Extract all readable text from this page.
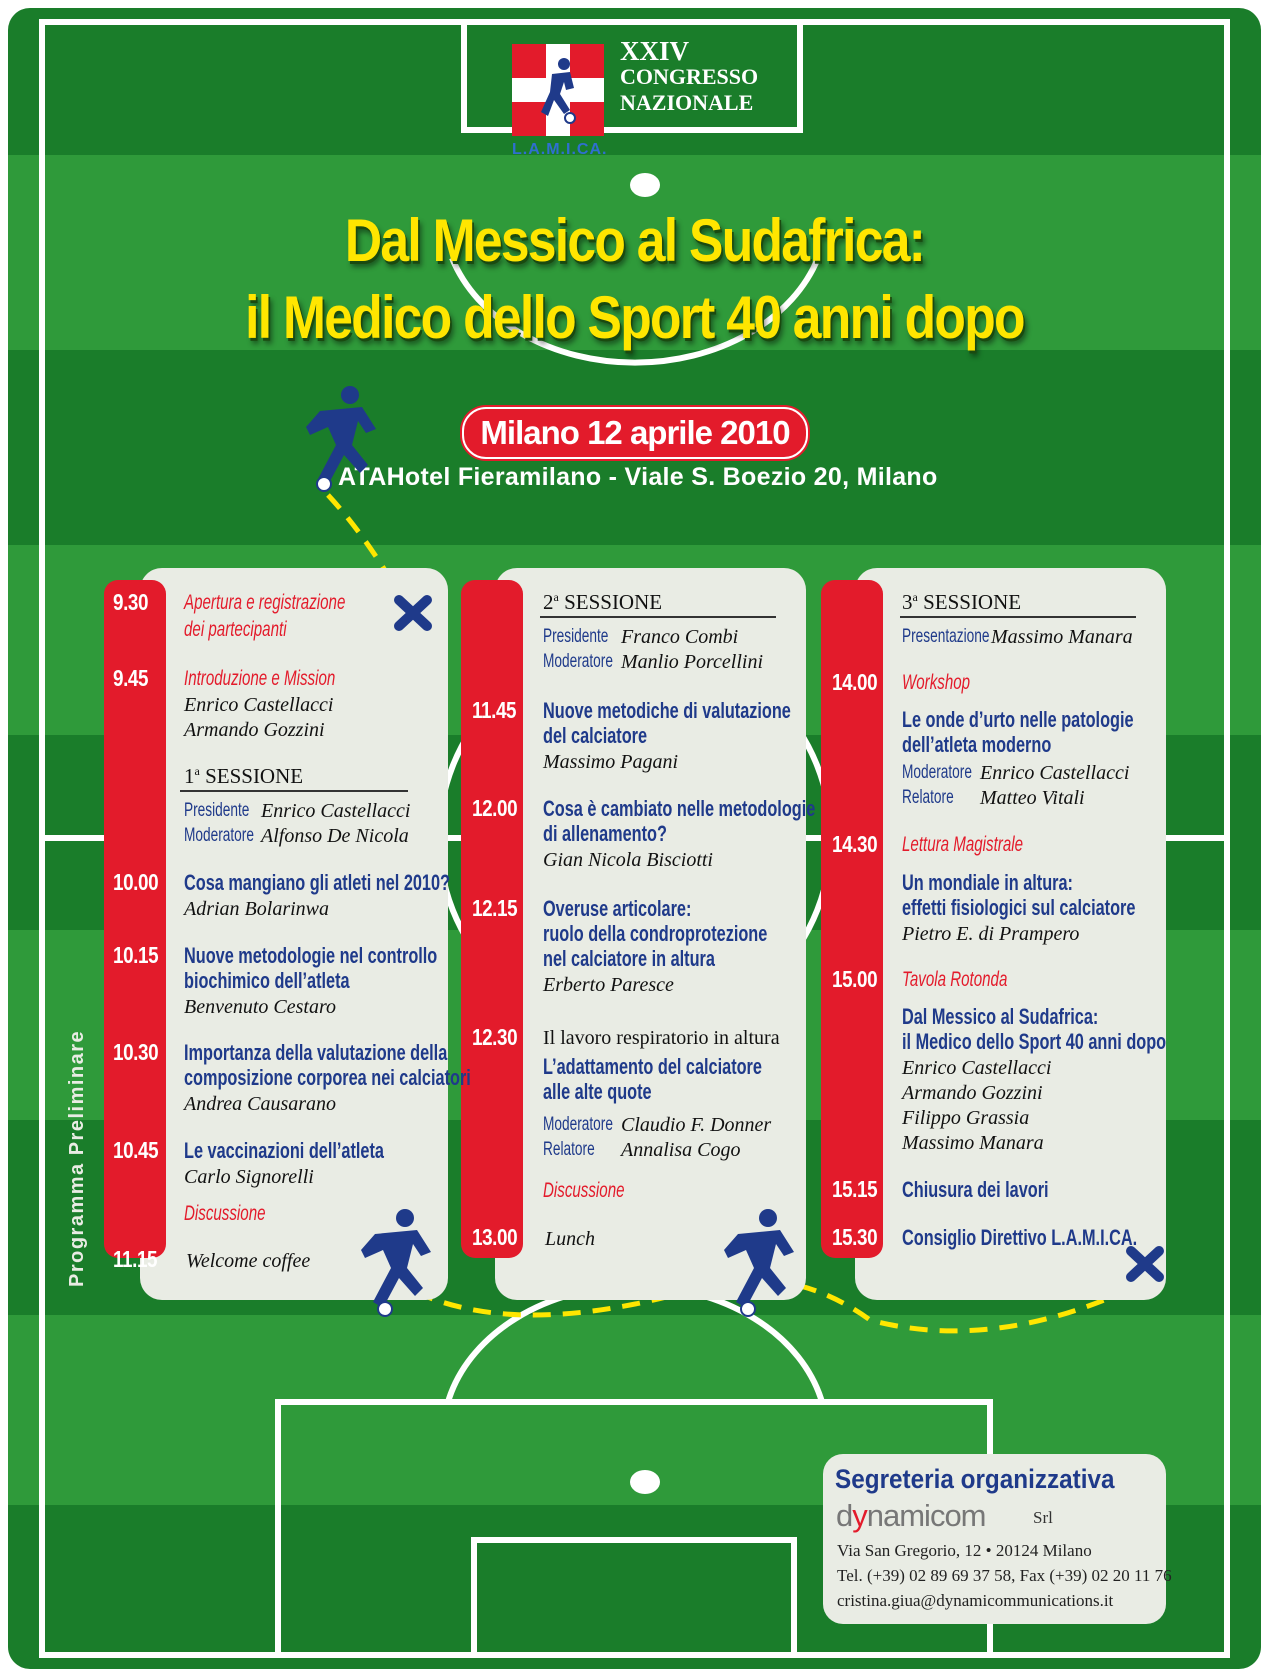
XXIV
CONGRESSO
NAZIONALE
L.A.M.I.CA.
Dal Messico al Sudafrica:
il Medico dello Sport 40 anni dopo
Milano 12 aprile 2010
ATAHotel Fieramilano - Viale S. Boezio 20, Milano
Programma Preliminare
9.30 Apertura e registrazione
dei partecipanti
9.45 Introduzione e Mission
Enrico Castellacci
Armando Gozzini
1$^a$ SESSIONE
Presidente Enrico Castellacci
Moderatore Alfonso De Nicola
10.00 Cosa mangiano gli atleti nel 2010?
Adrian Bolarinwa
10.15 Nuove metodologie nel controllo
biochimico dell’atleta
Benvenuto Cestaro
10.30 Importanza della valutazione della
composizione corporea nei calciatori
Andrea Causarano
10.45 Le vaccinazioni dell’atleta
Carlo Signorelli
Discussione
11.15 Welcome coffee
2$^a$ SESSIONE
Presidente Franco Combi
Moderatore Manlio Porcellini
11.45 Nuove metodiche di valutazione
del calciatore
Massimo Pagani
12.00 Cosa è cambiato nelle metodologie
di allenamento?
Gian Nicola Bisciotti
12.15 Overuse articolare:
ruolo della condroprotezione
nel calciatore in altura
Erberto Paresce
12.30 Il lavoro respiratorio in altura
L’adattamento del calciatore
alle alte quote
Moderatore Claudio F. Donner
Relatore Annalisa Cogo
Discussione
13.00 Lunch
3$^a$ SESSIONE
Presentazione Massimo Manara
14.00 Workshop
Le onde d’urto nelle patologie
dell’atleta moderno
Moderatore Enrico Castellacci
Relatore Matteo Vitali
14.30 Lettura Magistrale
Un mondiale in altura:
effetti fisiologici sul calciatore
Pietro E. di Prampero
15.00 Tavola Rotonda
Dal Messico al Sudafrica:
il Medico dello Sport 40 anni dopo
Enrico Castellacci
Armando Gozzini
Filippo Grassia
Massimo Manara
15.15 Chiusura dei lavori
15.30 Consiglio Direttivo L.A.M.I.CA.
Segreteria organizzativa
dynamicom	Srl
Via San Gregorio, 12 • 20124 Milano
Tel. (+39) 02 89 69 37 58, Fax (+39) 02 20 11 76
cristina.giua@dynamicommunications.it
